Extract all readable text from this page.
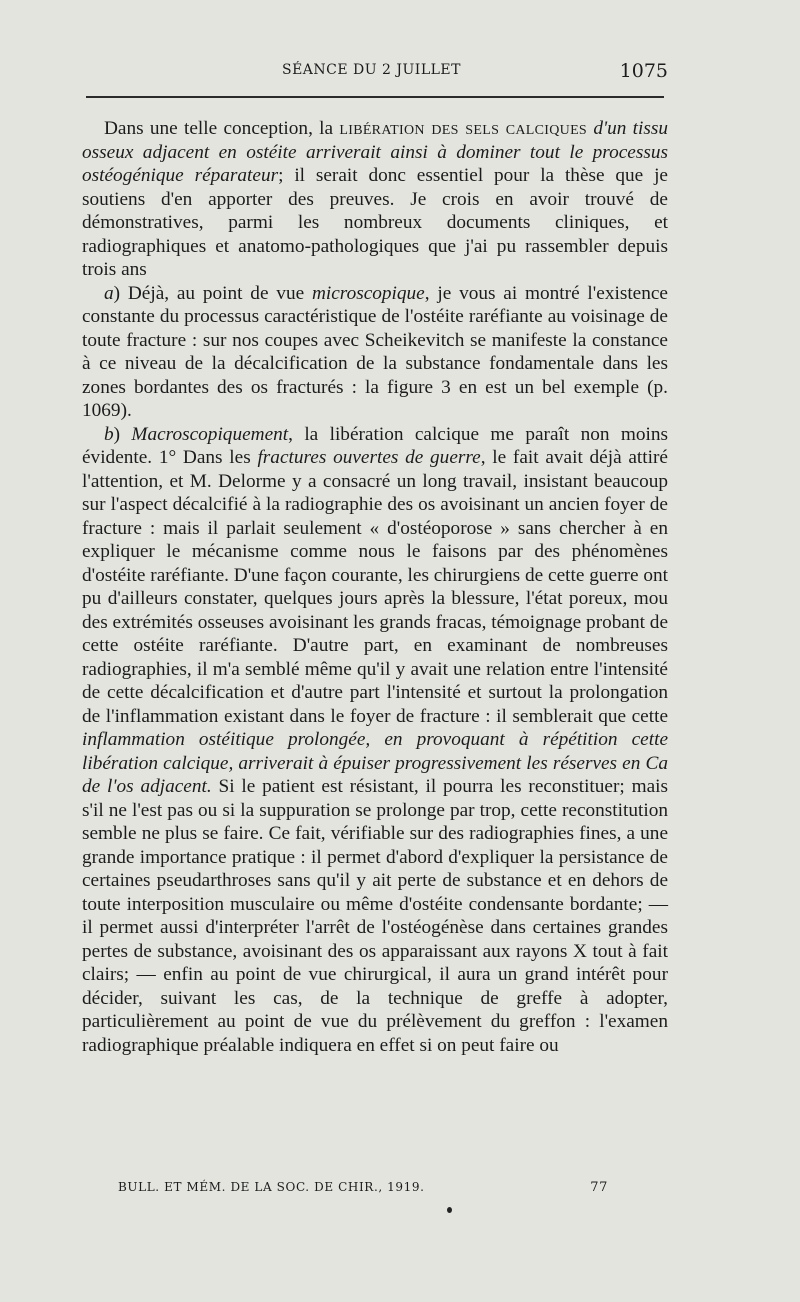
SÉANCE DU 2 JUILLET	1075

Dans une telle conception, la libération des sels calciques d'un tissu osseux adjacent en ostéite arriverait ainsi à dominer tout le processus ostéogénique réparateur; il serait donc essentiel pour la thèse que je soutiens d'en apporter des preuves. Je crois en avoir trouvé de démonstratives, parmi les nombreux documents cliniques, et radiographiques et anatomo-pathologiques que j'ai pu rassembler depuis trois ans

a) Déjà, au point de vue microscopique, je vous ai montré l'existence constante du processus caractéristique de l'ostéite raréfiante au voisinage de toute fracture : sur nos coupes avec Scheikevitch se manifeste la constance à ce niveau de la décalcification de la substance fondamentale dans les zones bordantes des os fracturés : la figure 3 en est un bel exemple (p. 1069).

b) Macroscopiquement, la libération calcique me paraît non moins évidente. 1° Dans les fractures ouvertes de guerre, le fait avait déjà attiré l'attention, et M. Delorme y a consacré un long travail, insistant beaucoup sur l'aspect décalcifié à la radiographie des os avoisinant un ancien foyer de fracture : mais il parlait seulement « d'ostéoporose » sans chercher à en expliquer le mécanisme comme nous le faisons par des phénomènes d'ostéite raréfiante. D'une façon courante, les chirurgiens de cette guerre ont pu d'ailleurs constater, quelques jours après la blessure, l'état poreux, mou des extrémités osseuses avoisinant les grands fracas, témoignage probant de cette ostéite raréfiante. D'autre part, en examinant de nombreuses radiographies, il m'a semblé même qu'il y avait une relation entre l'intensité de cette décalcification et d'autre part l'intensité et surtout la prolongation de l'inflammation existant dans le foyer de fracture : il semblerait que cette inflammation ostéitique prolongée, en provoquant à répétition cette libération calcique, arriverait à épuiser progressivement les réserves en Ca de l'os adjacent. Si le patient est résistant, il pourra les reconstituer; mais s'il ne l'est pas ou si la suppuration se prolonge par trop, cette reconstitution semble ne plus se faire. Ce fait, vérifiable sur des radiographies fines, a une grande importance pratique : il permet d'abord d'expliquer la persistance de certaines pseudarthroses sans qu'il y ait perte de substance et en dehors de toute interposition musculaire ou même d'ostéite condensante bordante; — il permet aussi d'interpréter l'arrêt de l'ostéogénèse dans certaines grandes pertes de substance, avoisinant des os apparaissant aux rayons X tout à fait clairs; — enfin au point de vue chirurgical, il aura un grand intérêt pour décider, suivant les cas, de la technique de greffe à adopter, particulièrement au point de vue du prélèvement du greffon : l'examen radiographique préalable indiquera en effet si on peut faire ou

BULL. ET MÉM. DE LA SOC. DE CHIR., 1919.	77
